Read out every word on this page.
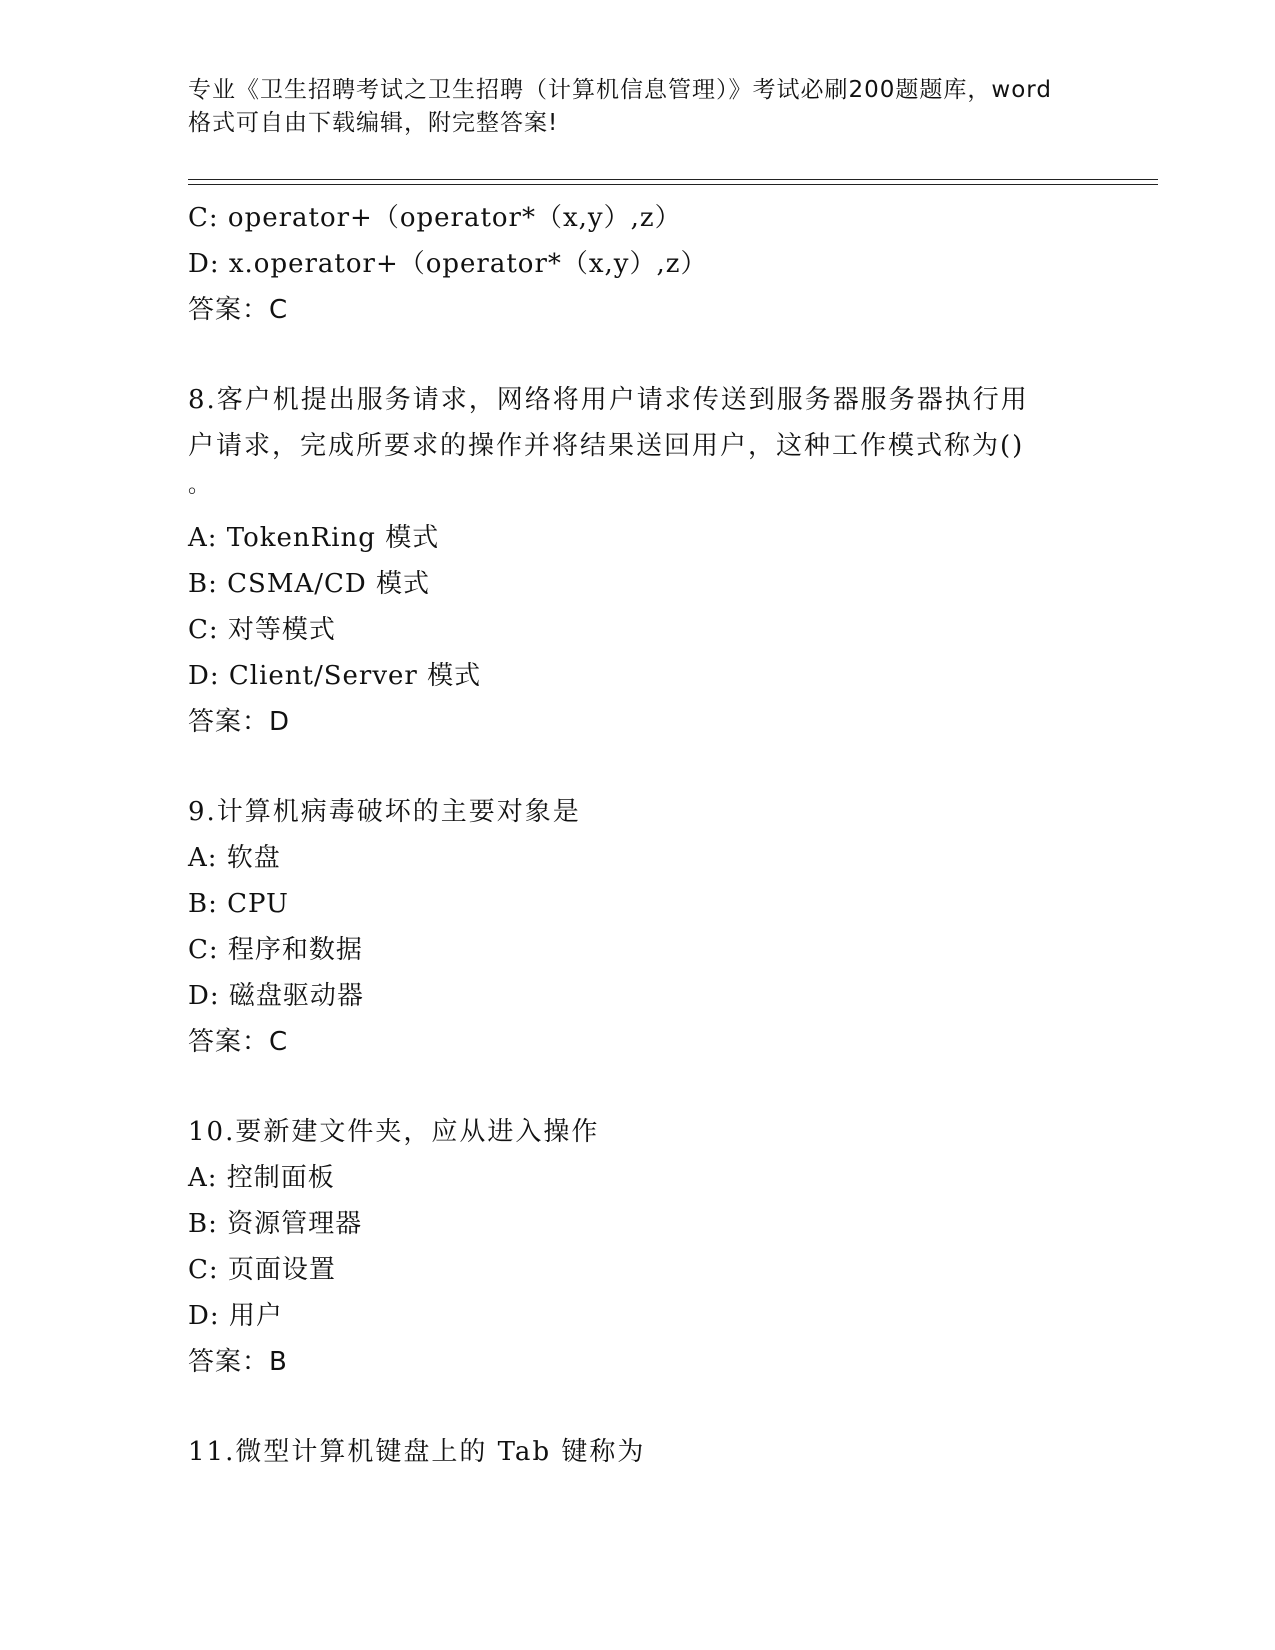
专业《卫生招聘考试之卫生招聘（计算机信息管理）》考试必刷200题题库，word
格式可自由下载编辑，附完整答案!
C: operator+（operator*（x,y）,z）
D: x.operator+（operator*（x,y）,z）
答案：C
8.客户机提出服务请求，网络将用户请求传送到服务器服务器执行用
户请求，完成所要求的操作并将结果送回用户，这种工作模式称为()
。
A: TokenRing 模式
B: CSMA/CD 模式
C: 对等模式
D: Client/Server 模式
答案：D
9.计算机病毒破坏的主要对象是
A: 软盘
B: CPU
C: 程序和数据
D: 磁盘驱动器
答案：C
10.要新建文件夹，应从进入操作
A: 控制面板
B: 资源管理器
C: 页面设置
D: 用户
答案：B
11.微型计算机键盘上的 Tab 键称为
